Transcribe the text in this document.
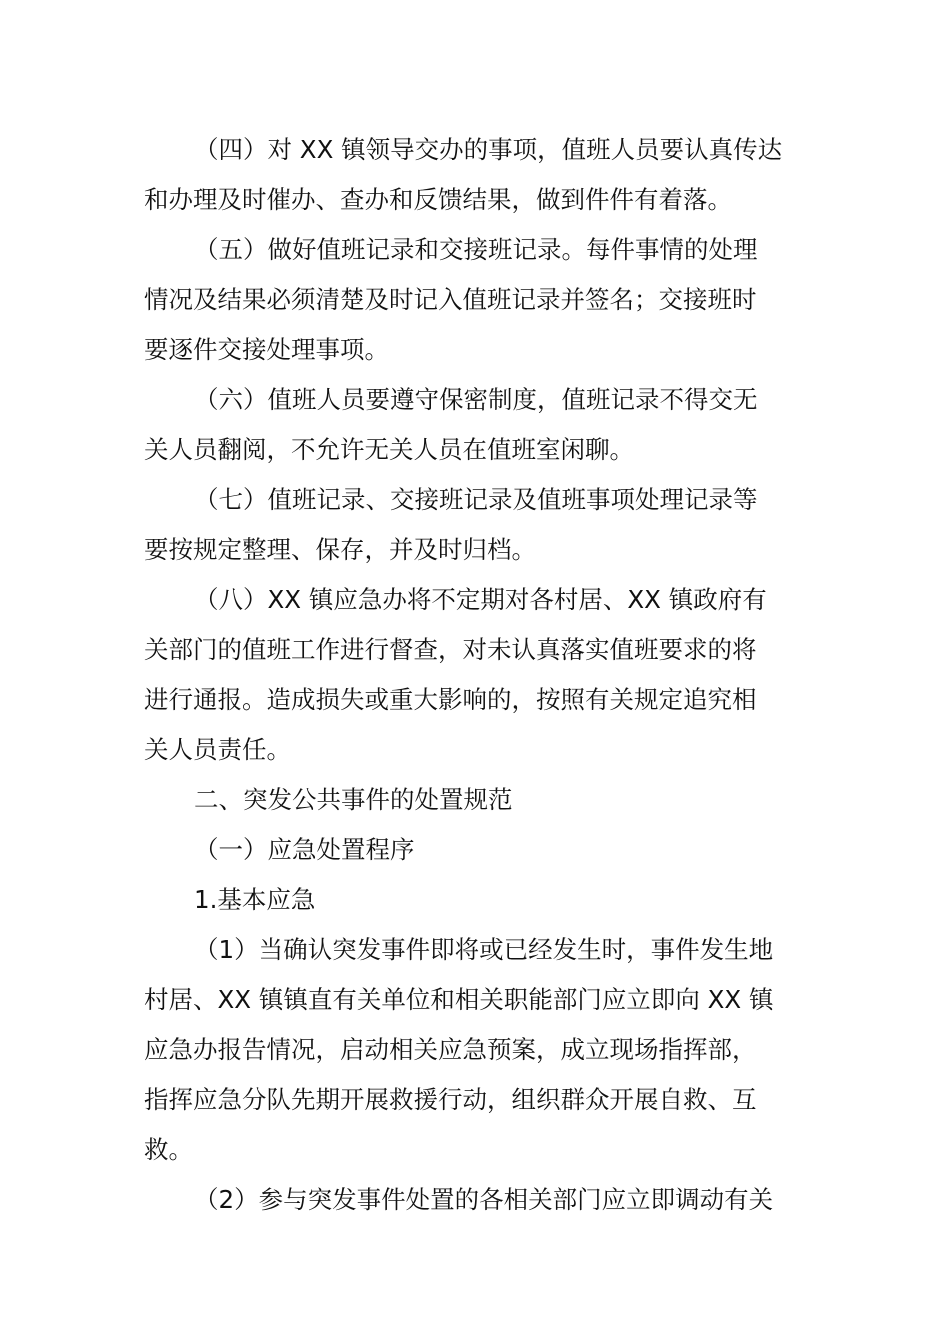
（四）对 XX 镇领导交办的事项，值班人员要认真传达
和办理及时催办、查办和反馈结果，做到件件有着落。
（五）做好值班记录和交接班记录。每件事情的处理
情况及结果必须清楚及时记入值班记录并签名；交接班时
要逐件交接处理事项。
（六）值班人员要遵守保密制度，值班记录不得交无
关人员翻阅，不允许无关人员在值班室闲聊。
（七）值班记录、交接班记录及值班事项处理记录等
要按规定整理、保存，并及时归档。
（八）XX 镇应急办将不定期对各村居、XX 镇政府有
关部门的值班工作进行督查，对未认真落实值班要求的将
进行通报。造成损失或重大影响的，按照有关规定追究相
关人员责任。
二、突发公共事件的处置规范
（一）应急处置程序
1.基本应急
（1）当确认突发事件即将或已经发生时，事件发生地
村居、XX 镇镇直有关单位和相关职能部门应立即向 XX 镇
应急办报告情况，启动相关应急预案，成立现场指挥部，
指挥应急分队先期开展救援行动，组织群众开展自救、互
救。
（2）参与突发事件处置的各相关部门应立即调动有关
